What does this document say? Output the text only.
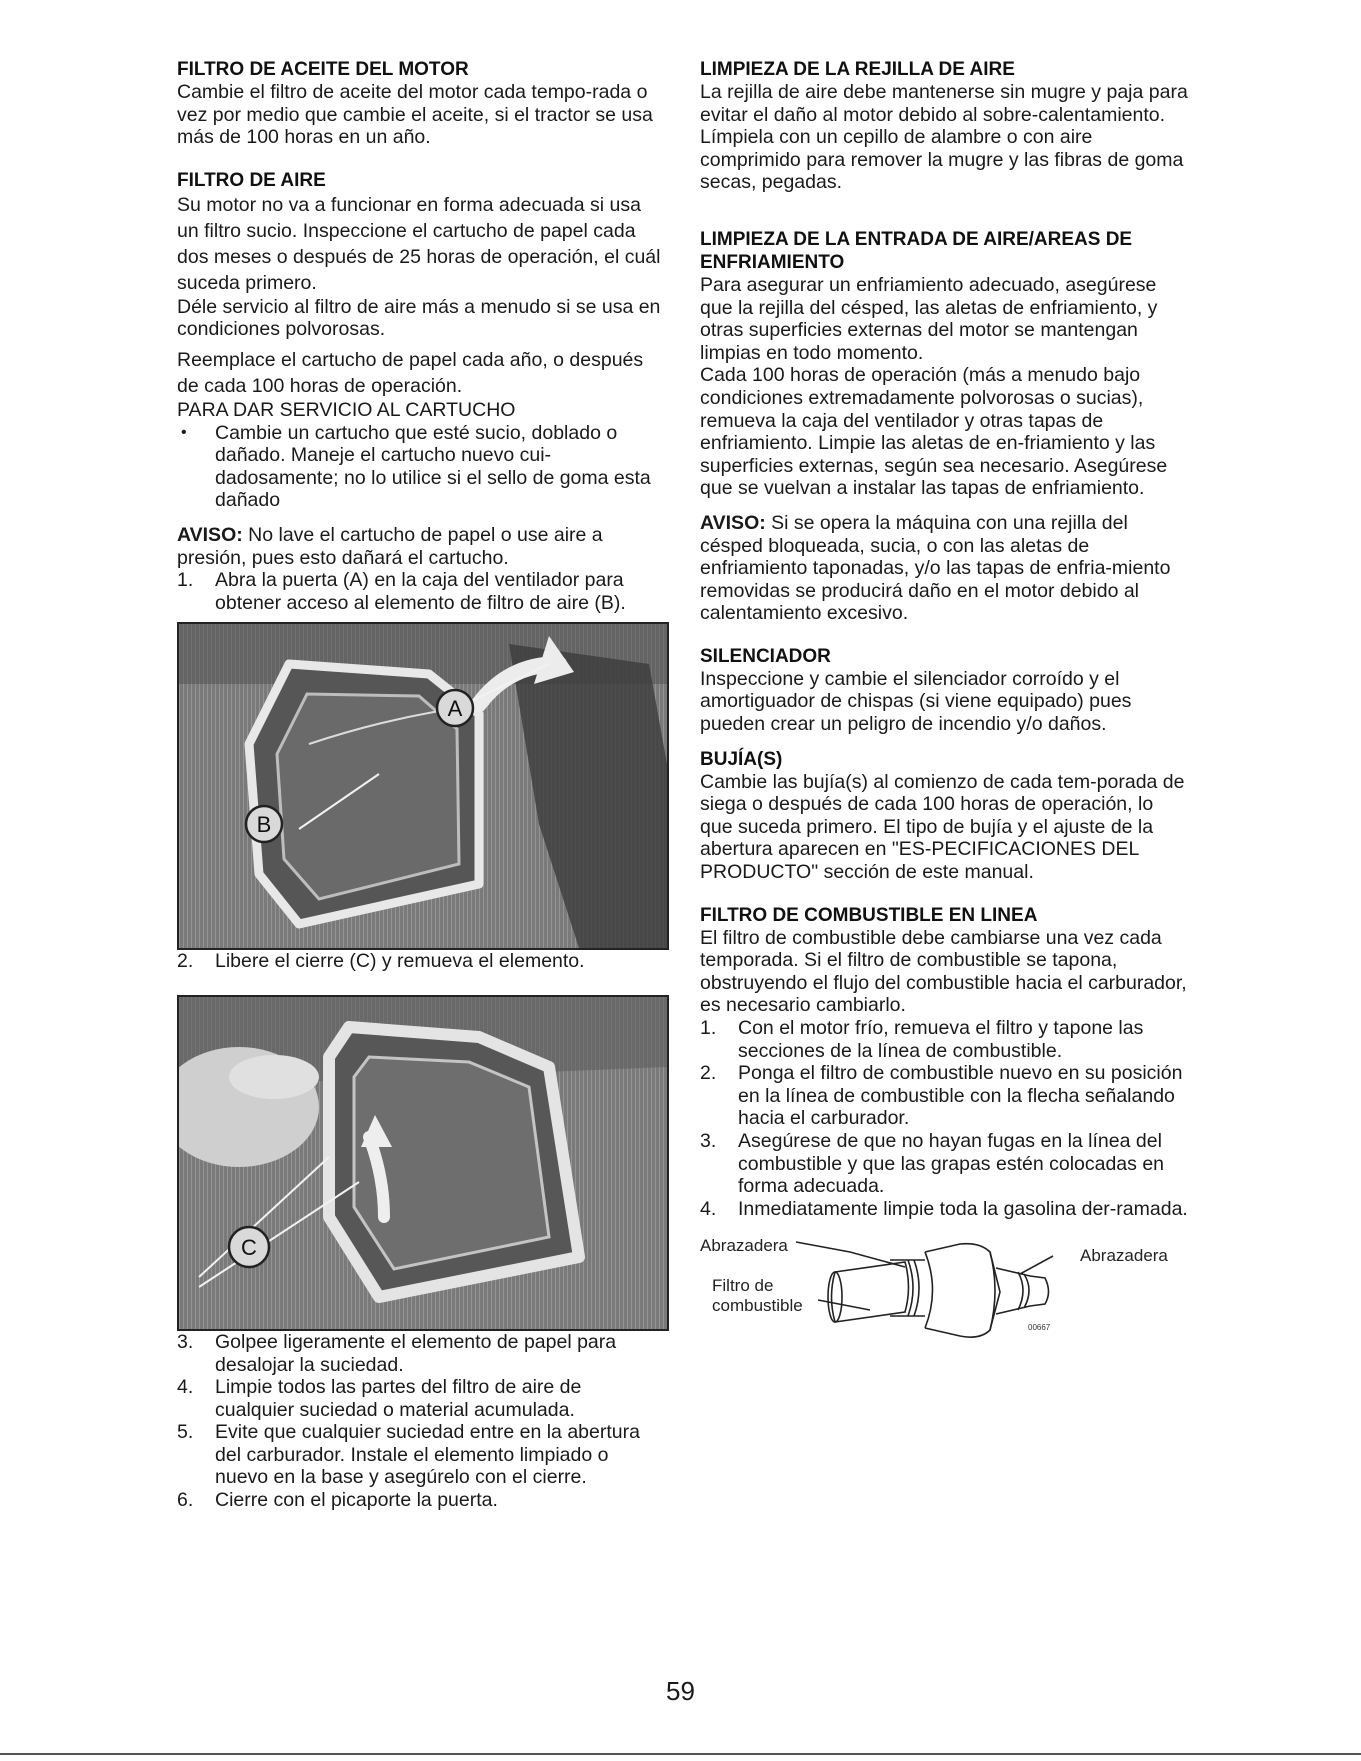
FILTRO DE ACEITE DEL MOTOR

Cambie el filtro de aceite del motor cada tempo-rada o vez por medio que cambie el aceite, si el tractor se usa más de 100 horas en un año.

FILTRO DE AIRE

Su motor no va a funcionar en forma adecuada si usa un filtro sucio. Inspeccione el cartucho de papel cada dos meses o después de 25 horas de operación, el cuál suceda primero.

Déle servicio al filtro de aire más a menudo si se usa en condiciones polvorosas.

Reemplace el cartucho de papel cada año, o después de cada 100 horas de operación.

PARA DAR SERVICIO AL CARTUCHO

• Cambie un cartucho que esté sucio, doblado o dañado. Maneje el cartucho nuevo cui-dadosamente; no lo utilice si el sello de goma esta dañado

AVISO: No lave el cartucho de papel o use aire a presión, pues esto dañará el cartucho.

1. Abra la puerta (A) en la caja del ventilador para obtener acceso al elemento de filtro de aire (B).
A
B
2. Libere el cierre (C) y remueva el elemento.
C
3. Golpee ligeramente el elemento de papel para desalojar la suciedad.
4. Limpie todos las partes del filtro de aire de cualquier suciedad o material acumulada.
5. Evite que cualquier suciedad entre en la abertura del carburador. Instale el elemento limpiado o nuevo en la base y asegúrelo con el cierre.
6. Cierre con el picaporte la puerta.
LIMPIEZA DE LA REJILLA DE AIRE

La rejilla de aire debe mantenerse sin mugre y paja para evitar el daño al motor debido al sobre-calentamiento. Límpiela con un cepillo de alambre o con aire comprimido para remover la mugre y las fibras de goma secas, pegadas.

LIMPIEZA DE LA ENTRADA DE AIRE/AREAS DE ENFRIAMIENTO

Para asegurar un enfriamiento adecuado, asegúrese que la rejilla del césped, las aletas de enfriamiento, y otras superficies externas del motor se mantengan limpias en todo momento.

Cada 100 horas de operación (más a menudo bajo condiciones extremadamente polvorosas o sucias), remueva la caja del ventilador y otras tapas de enfriamiento. Limpie las aletas de en-friamiento y las superficies externas, según sea necesario. Asegúrese que se vuelvan a instalar las tapas de enfriamiento.

AVISO: Si se opera la máquina con una rejilla del césped bloqueada, sucia, o con las aletas de enfriamiento taponadas, y/o las tapas de enfria-miento removidas se producirá daño en el motor debido al calentamiento excesivo.

SILENCIADOR

Inspeccione y cambie el silenciador corroído y el amortiguador de chispas (si viene equipado) pues pueden crear un peligro de incendio y/o daños.

BUJÍA(S)

Cambie las bujía(s) al comienzo de cada tem-porada de siega o después de cada 100 horas de operación, lo que suceda primero. El tipo de bujía y el ajuste de la abertura aparecen en "ES-PECIFICACIONES DEL PRODUCTO" sección de este manual.

FILTRO DE COMBUSTIBLE EN LINEA

El filtro de combustible debe cambiarse una vez cada temporada. Si el filtro de combustible se tapona, obstruyendo el flujo del combustible hacia el carburador, es necesario cambiarlo.

1. Con el motor frío, remueva el filtro y tapone las secciones de la línea de combustible.
2. Ponga el filtro de combustible nuevo en su posición en la línea de combustible con la flecha señalando hacia el carburador.
3. Asegúrese de que no hayan fugas en la línea del combustible y que las grapas estén colocadas en forma adecuada.
4. Inmediatamente limpie toda la gasolina der-ramada.
00667
Abrazadera
Abrazadera
Filtro de
combustible
59
